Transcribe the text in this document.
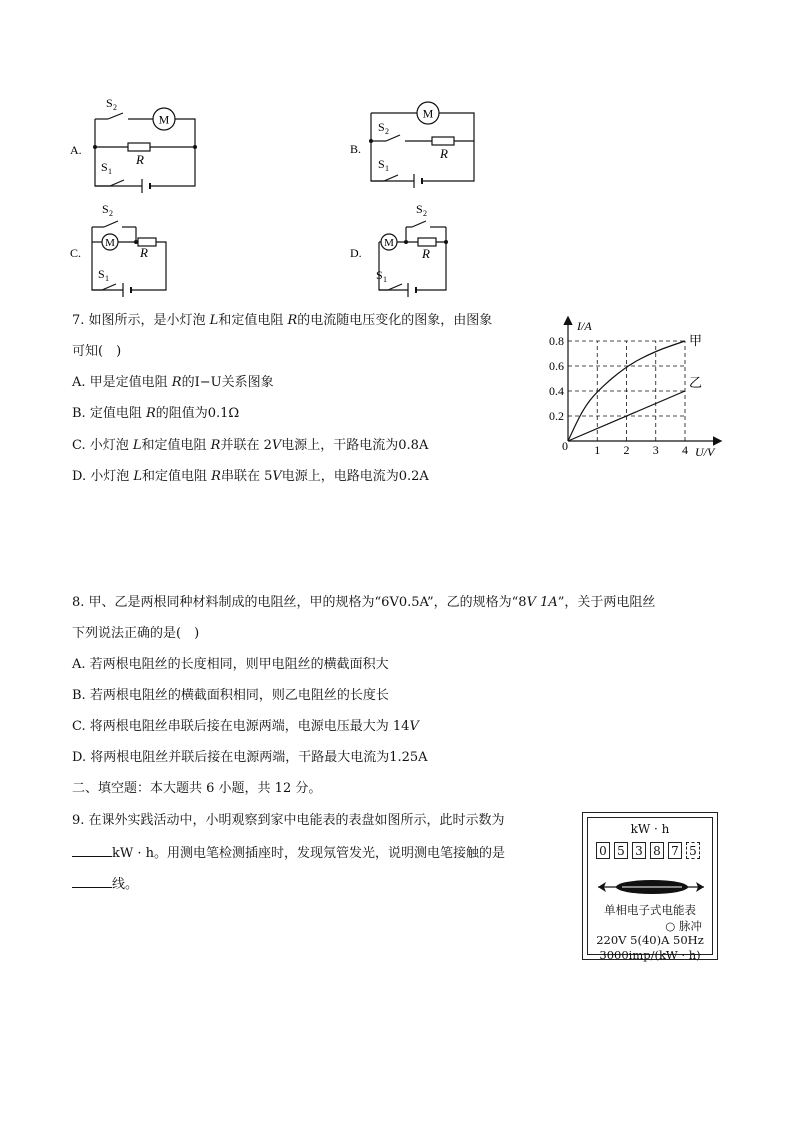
M
S 2
S 1
R
A.
M
S 2
S 1
R
B.
M
S 2
S 1
R
C.
M
S 2
S 1
R
D.
7. 如图所示，是小灯泡 L和定值电阻 R的电流随电压变化的图象，由图象
可知(　)
A. 甲是定值电阻 R的I−U关系图象
B. 定值电阻 R的阻值为0.1Ω
C. 小灯泡 L和定值电阻 R并联在 2V电源上，干路电流为0.8A
D. 小灯泡 L和定值电阻 R串联在 5V电源上，电路电流为0.2A
1 2 3 4
0.2
0.4
0.6
0.8	甲
乙
I/A
U/V
0
8. 甲、乙是两根同种材料制成的电阻丝，甲的规格为“6V0.5A”，乙的规格为“8V 1A”，关于两电阻丝
下列说法正确的是(　)
A. 若两根电阻丝的长度相同，则甲电阻丝的横截面积大
B. 若两根电阻丝的横截面积相同，则乙电阻丝的长度长
C. 将两根电阻丝串联后接在电源两端，电源电压最大为 14V
D. 将两根电阻丝并联后接在电源两端，干路最大电流为1.25A
二、填空题：本大题共 6 小题，共 12 分。
9. 在课外实践活动中，小明观察到家中电能表的表盘如图所示，此时示数为
kW · h。用测电笔检测插座时，发现氖管发光，说明测电笔接触的是
线。
kW · h
0 5 3 8 7 5
单相电子式电能表
○ 脉冲
220V 5(40)A 50Hz
3000imp/(kW · h)
